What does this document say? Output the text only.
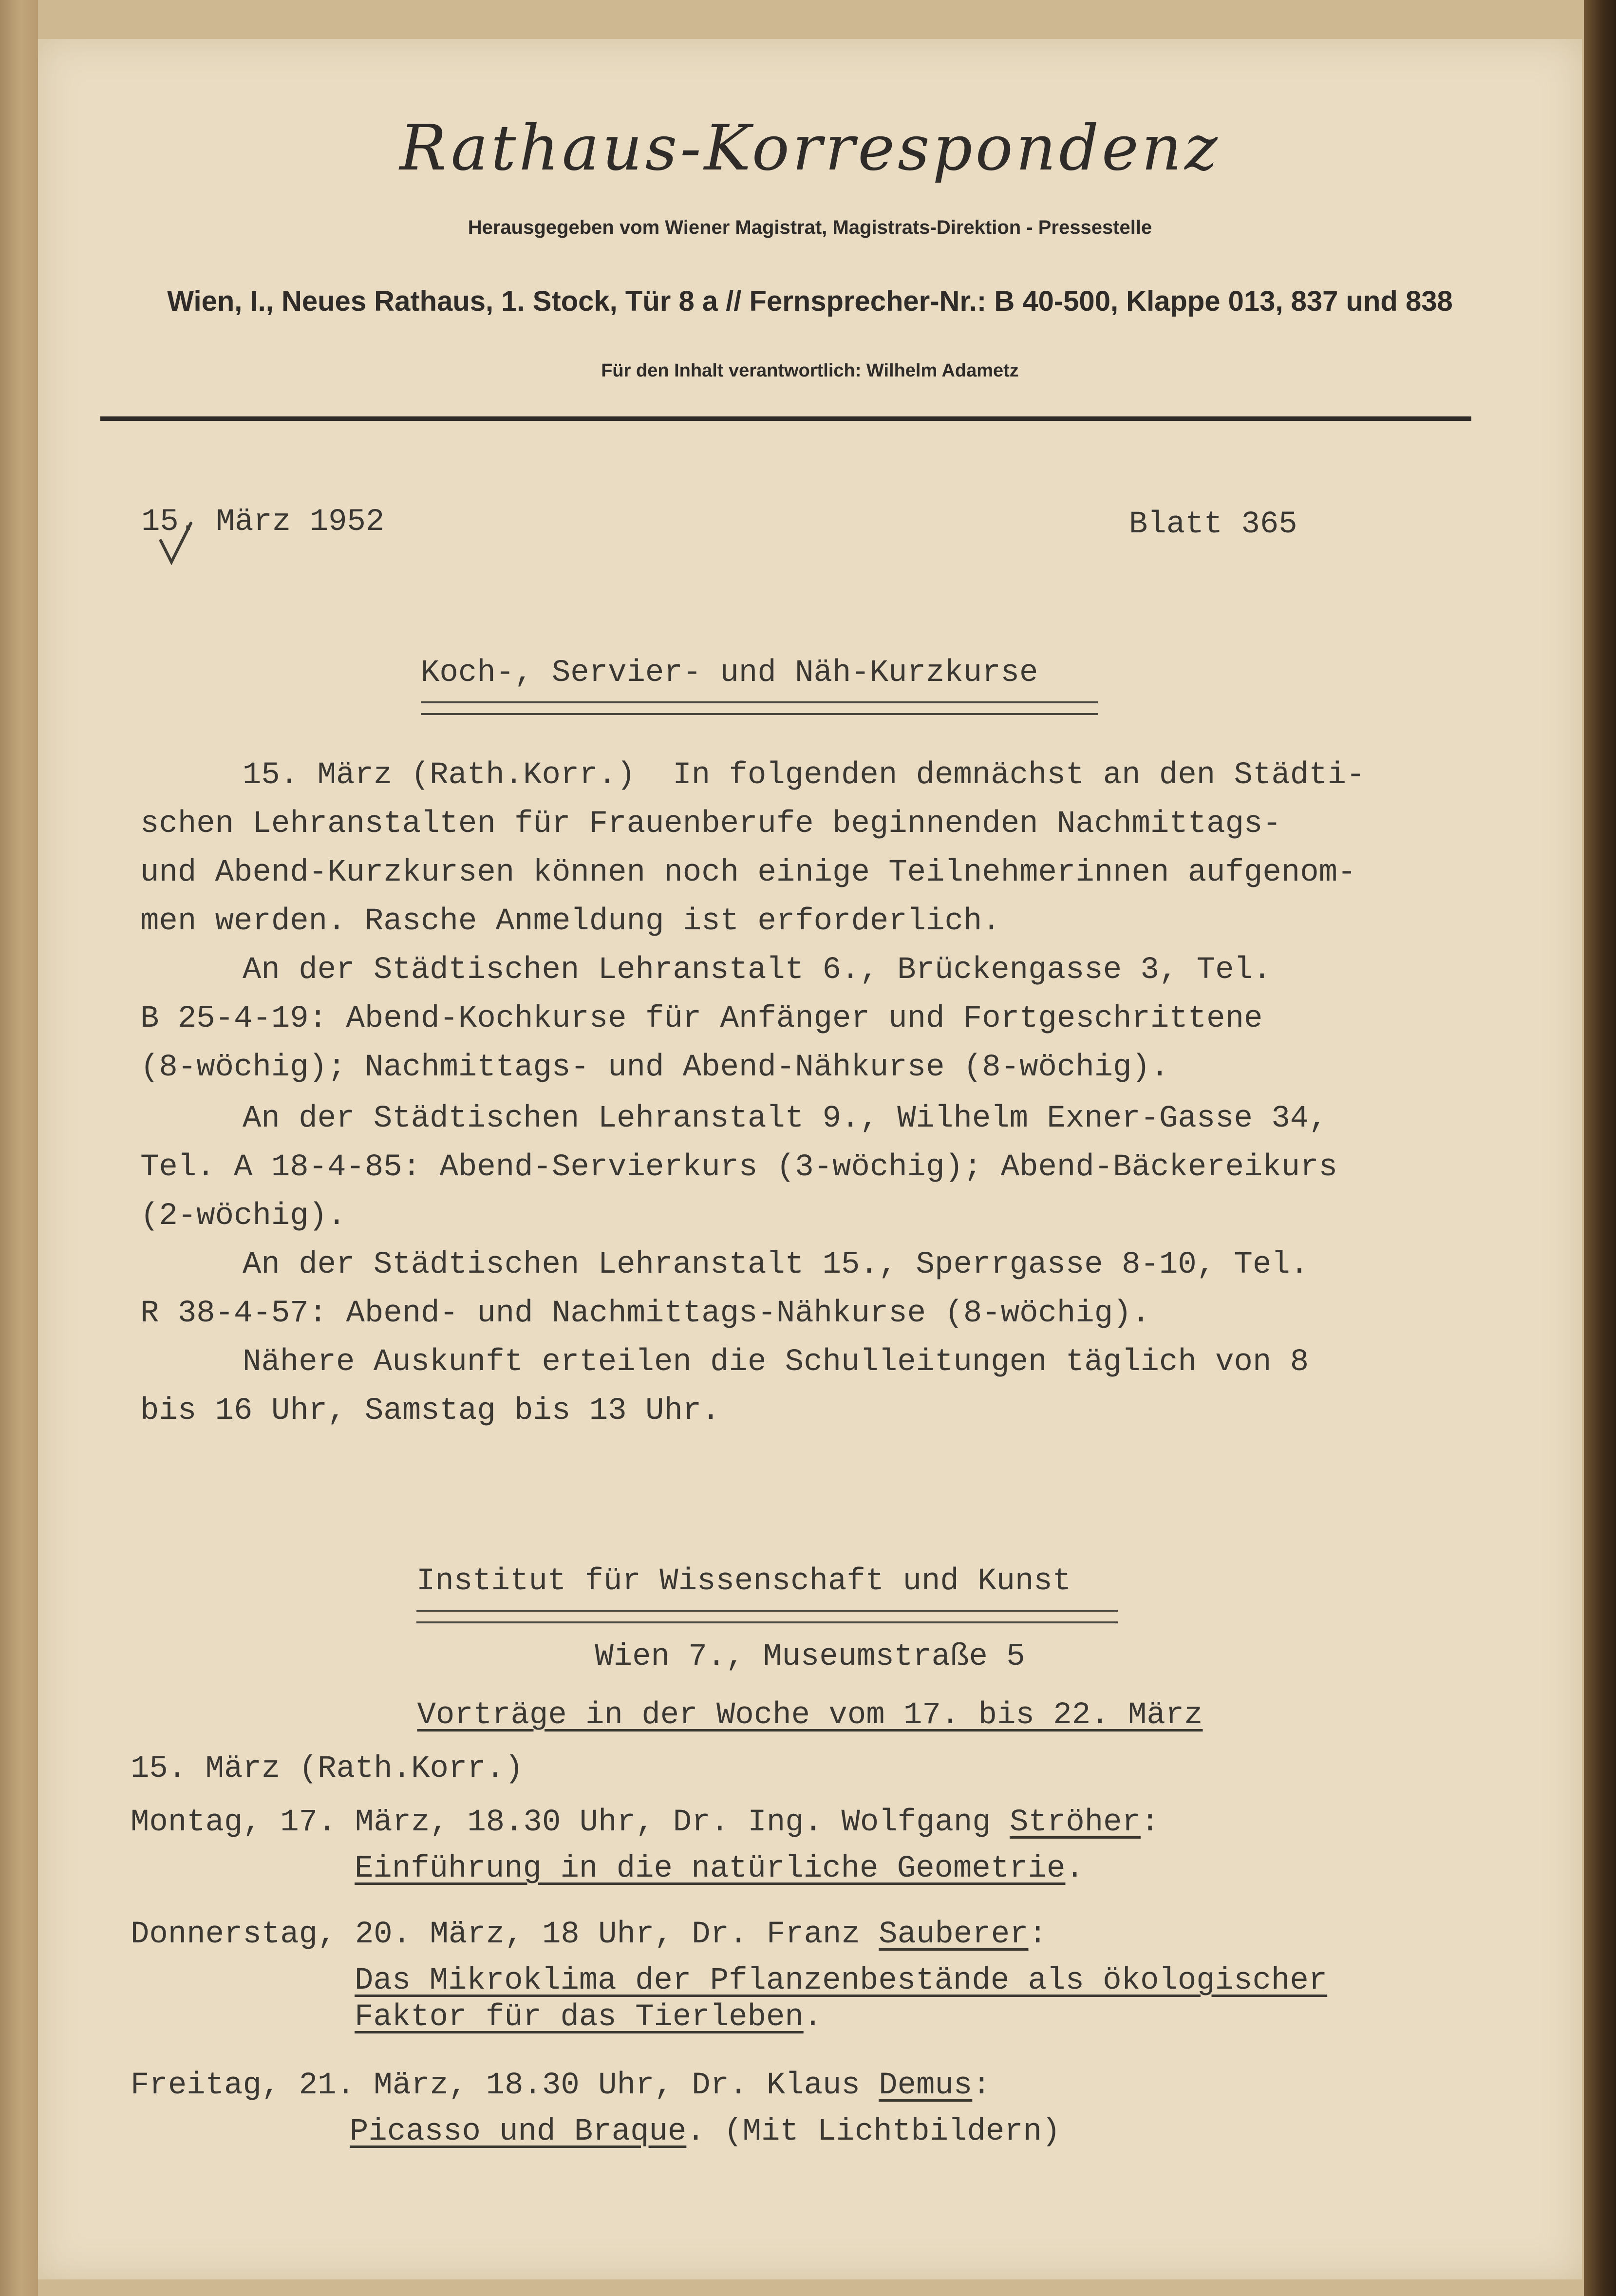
Rathaus-Korrespondenz
Herausgegeben vom Wiener Magistrat, Magistrats-Direktion - Pressestelle
Wien, I., Neues Rathaus, 1. Stock, Tür 8 a // Fernsprecher-Nr.: B 40-500, Klappe 013, 837 und 838
Für den Inhalt verantwortlich: Wilhelm Adametz
15. März 1952	Blatt 365
Koch-, Servier- und Näh-Kurzkurse
15. März (Rath.Korr.)  In folgenden demnächst an den Städti-
schen Lehranstalten für Frauenberufe beginnenden Nachmittags-
und Abend-Kurzkursen können noch einige Teilnehmerinnen aufgenom-
men werden. Rasche Anmeldung ist erforderlich.
An der Städtischen Lehranstalt 6., Brückengasse 3, Tel.
B 25-4-19: Abend-Kochkurse für Anfänger und Fortgeschrittene
(8-wöchig); Nachmittags- und Abend-Nähkurse (8-wöchig).
An der Städtischen Lehranstalt 9., Wilhelm Exner-Gasse 34,
Tel. A 18-4-85: Abend-Servierkurs (3-wöchig); Abend-Bäckereikurs
(2-wöchig).
An der Städtischen Lehranstalt 15., Sperrgasse 8-10, Tel.
R 38-4-57: Abend- und Nachmittags-Nähkurse (8-wöchig).
Nähere Auskunft erteilen die Schulleitungen täglich von 8
bis 16 Uhr, Samstag bis 13 Uhr.
Institut für Wissenschaft und Kunst
Wien 7., Museumstraße 5
Vorträge in der Woche vom 17. bis 22. März
15. März (Rath.Korr.)
Montag, 17. März, 18.30 Uhr, Dr. Ing. Wolfgang Ströher:
Einführung in die natürliche Geometrie.
Donnerstag, 20. März, 18 Uhr, Dr. Franz Sauberer:
Das Mikroklima der Pflanzenbestände als ökologischer
Faktor für das Tierleben.
Freitag, 21. März, 18.30 Uhr, Dr. Klaus Demus:
Picasso und Braque. (Mit Lichtbildern)
